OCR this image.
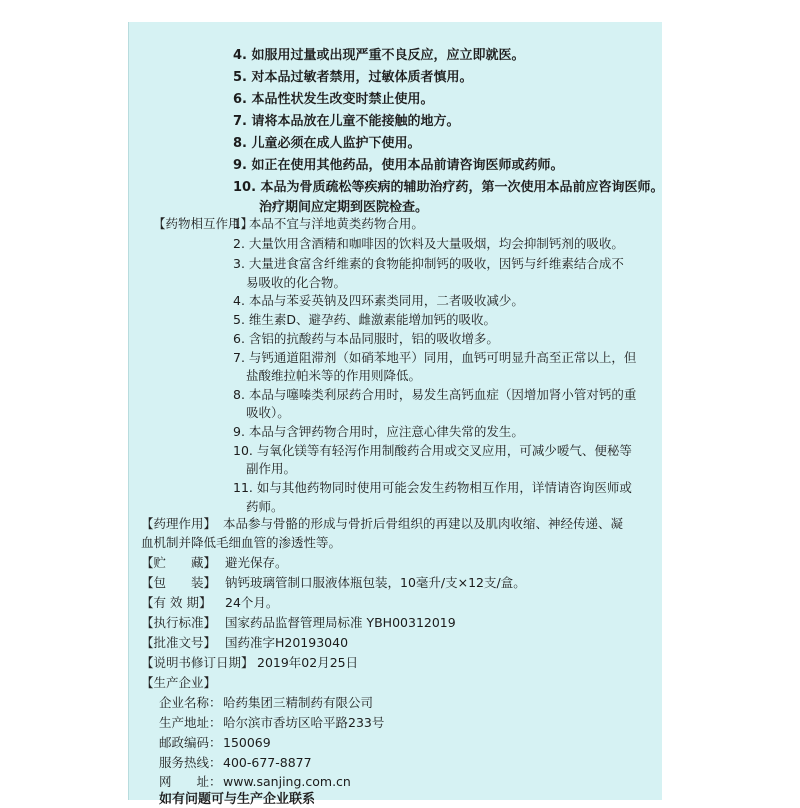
4. 如服用过量或出现严重不良反应，应立即就医。
5. 对本品过敏者禁用，过敏体质者慎用。
6. 本品性状发生改变时禁止使用。
7. 请将本品放在儿童不能接触的地方。
8. 儿童必须在成人监护下使用。
9. 如正在使用其他药品，使用本品前请咨询医师或药师。
10. 本品为骨质疏松等疾病的辅助治疗药，第一次使用本品前应咨询医师。
治疗期间应定期到医院检查。
【药物相互作用】
1. 本品不宜与洋地黄类药物合用。
2. 大量饮用含酒精和咖啡因的饮料及大量吸烟，均会抑制钙剂的吸收。
3. 大量进食富含纤维素的食物能抑制钙的吸收，因钙与纤维素结合成不
易吸收的化合物。
4. 本品与苯妥英钠及四环素类同用，二者吸收减少。
5. 维生素D、避孕药、雌激素能增加钙的吸收。
6. 含铝的抗酸药与本品同服时，铝的吸收增多。
7. 与钙通道阻滞剂（如硝苯地平）同用，血钙可明显升高至正常以上，但
盐酸维拉帕米等的作用则降低。
8. 本品与噻嗪类利尿药合用时，易发生高钙血症（因增加肾小管对钙的重
吸收）。
9. 本品与含钾药物合用时，应注意心律失常的发生。
10. 与氧化镁等有轻泻作用制酸药合用或交叉应用，可减少嗳气、便秘等
副作用。
11. 如与其他药物同时使用可能会发生药物相互作用，详情请咨询医师或
药师。
【药理作用】 本品参与骨骼的形成与骨折后骨组织的再建以及肌肉收缩、神经传递、凝
血机制并降低毛细血管的渗透性等。
【贮　　藏】 避光保存。
【包　　装】 钠钙玻璃管制口服液体瓶包装，10毫升/支×12支/盒。
【有 效 期】 24个月。
【执行标准】 国家药品监督管理局标准 YBH00312019
【批准文号】 国药准字H20193040
【说明书修订日期】 2019年02月25日
【生产企业】
企业名称： 哈药集团三精制药有限公司
生产地址： 哈尔滨市香坊区哈平路233号
邮政编码： 150069
服务热线： 400-677-8877
网　　址： www.sanjing.com.cn
如有问题可与生产企业联系
